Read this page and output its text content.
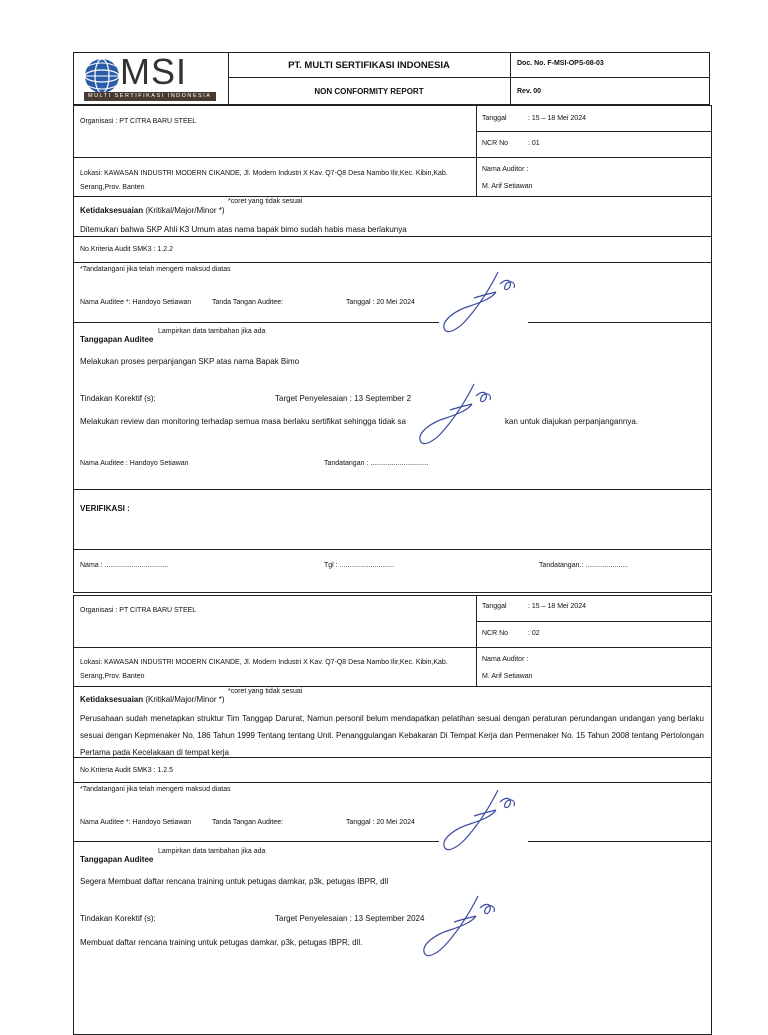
MSI
MULTI SERTIFIKASI INDONESIA
PT. MULTI SERTIFIKASI INDONESIA
NON CONFORMITY REPORT
Doc. No. F-MSI-OPS-08-03
Rev. 00
Organisasi : PT CITRA BARU STEEL	Tanggal	: 15 – 18 Mei 2024
NCR No	: 01
Lokasi: KAWASAN INDUSTRI MODERN CIKANDE, Jl. Modern Industri X Kav. Q7-Q8 Desa Nambo Ilir,Kec. Kibin,Kab.
Serang,Prov. Banten
Nama Auditor :
M. Arif Setiawan
*coret yang tidak sesuai
Ketidaksesuaian (Kritikal/Major/Minor *)
Ditemukan bahwa SKP Ahli K3 Umum atas nama bapak bimo sudah habis masa berlakunya
No.Kriteria Audit SMK3 : 1.2.2
*Tandatangani jika telah mengerti maksud diatas
Nama Auditee *: Handoyo Setiawan	Tanda Tangan Auditee:	Tanggal : 20 Mei 2024
Lampirkan data tambahan jika ada
Tanggapan Auditee
Melakukan proses perpanjangan SKP atas nama Bapak Bimo
Tindakan Korektif (s):	Target Penyelesaian : 13 September 2
Melakukan review dan monitoring terhadap semua masa berlaku sertifikat sehingga tidak sa	kan untuk diajukan perpanjangannya.
Nama Auditee : Handoyo Setiawan	Tandatangan : ..............................
VERIFIKASI :
Nama : .................................	Tgl : ............................	Tandatangan.: ......................
Organisasi : PT CITRA BARU STEEL
Tanggal	: 15 – 18 Mei 2024
NCR No	: 02
Lokasi: KAWASAN INDUSTRI MODERN CIKANDE, Jl. Modern Industri X Kav. Q7-Q8 Desa Nambo Ilir,Kec. Kibin,Kab.
Serang,Prov. Banten
Nama Auditor :
M. Arif Setiawan
*coret yang tidak sesuai
Ketidaksesuaian (Kritikal/Major/Minor *)
Perusahaan sudah menetapkan struktur Tim Tanggap Darurat, Namun personil belum mendapatkan pelatihan sesuai dengan peraturan perundangan undangan yang berlaku sesuai dengan Kepmenaker No. 186 Tahun 1999 Tentang tentang Unit. Penanggulangan Kebakaran Di Tempat Kerja dan Permenaker No. 15 Tahun 2008 tentang Pertolongan Pertama pada Kecelakaan di tempat kerja
No.Kriteria Audit SMK3 : 1.2.5
*Tandatangani jika telah mengerti maksud diatas
Nama Auditee *: Handoyo Setiawan	Tanda Tangan Auditee:	Tanggal : 20 Mei 2024
Lampirkan data tambahan jika ada
Tanggapan Auditee
Segera Membuat daftar rencana training untuk petugas damkar, p3k, petugas IBPR, dll
Tindakan Korektif (s):	Target Penyelesaian : 13 September 2024
Membuat daftar rencana training untuk petugas damkar, p3k, petugas IBPR, dll.
